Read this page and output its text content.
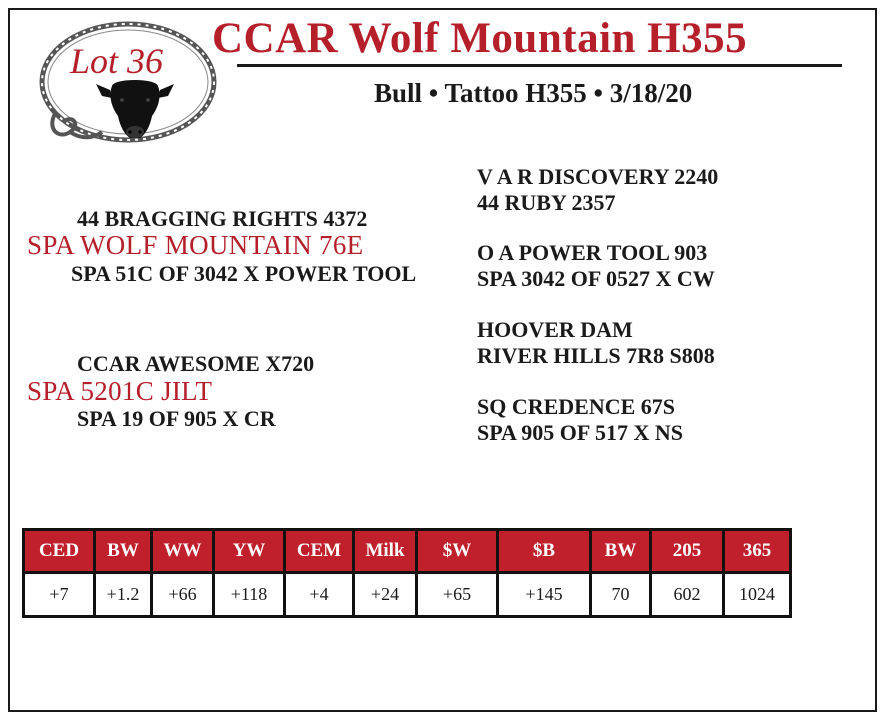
Lot 36 CCAR Wolf Mountain H355
Bull • Tattoo H355 • 3/18/20
V A R DISCOVERY 2240
44 RUBY 2357
44 BRAGGING RIGHTS 4372
SPA WOLF MOUNTAIN 76E	O A POWER TOOL 903
SPA 51C OF 3042 X POWER TOOL	SPA 3042 OF 0527 X CW
HOOVER DAM
RIVER HILLS 7R8 S808
CCAR AWESOME X720
SPA 5201C JILT
SQ CREDENCE 67S
SPA 19 OF 905 X CR
SPA 905 OF 517 X NS
CED	BW	WW	YW	CEM	Milk	$W	$B	BW	205	365
+7	+1.2	+66	+118	+4	+24	+65	+145	70	602	1024
